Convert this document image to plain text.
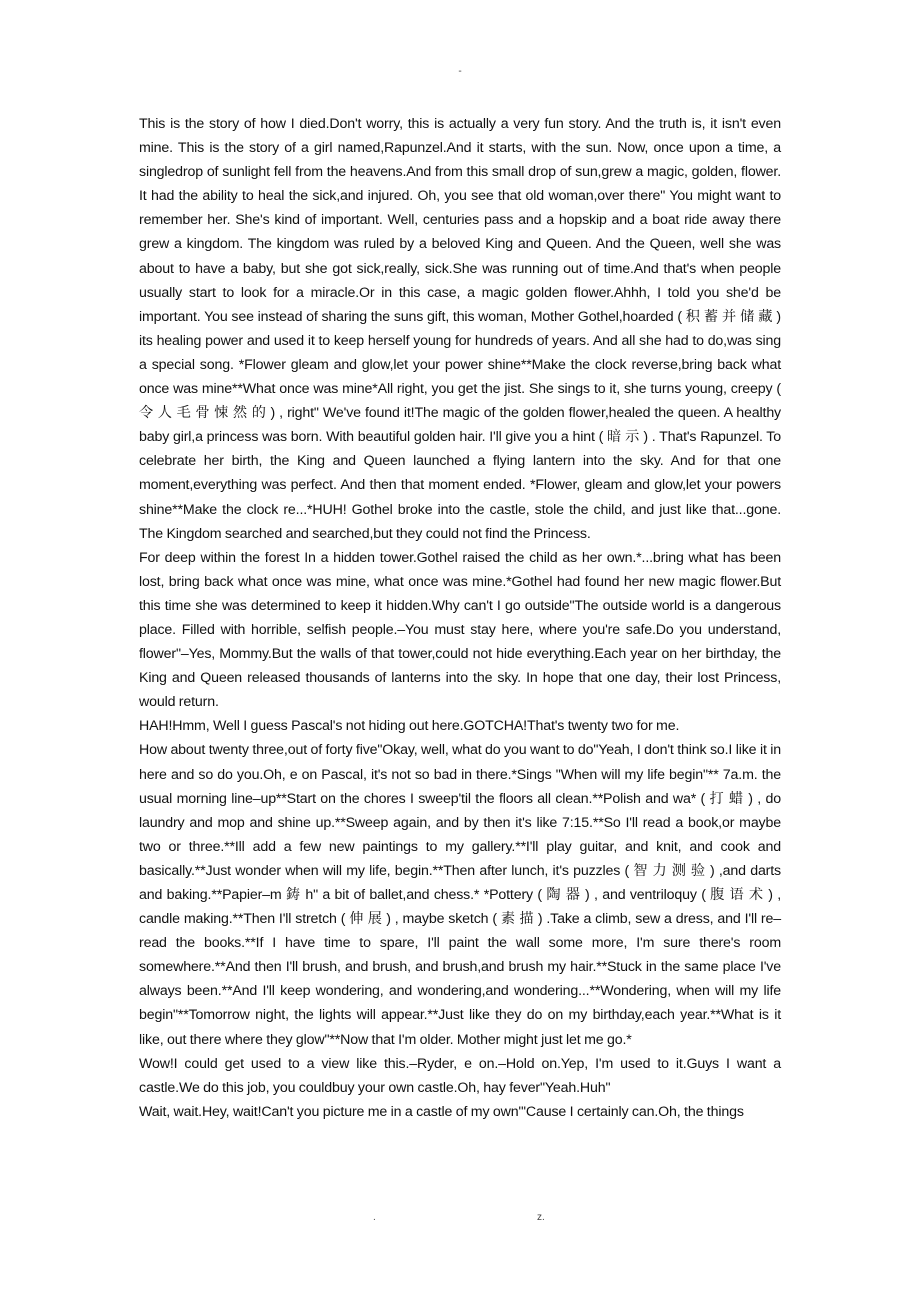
-

This is the story of how I died.Don't worry, this is actually a very fun story. And the truth is, it isn't even mine. This is the story of a girl named,Rapunzel.And it starts, with the sun. Now, once upon a time, a singledrop of sunlight fell from the heavens.And from this small drop of sun,grew a magic, golden, flower. It had the ability to heal the sick,and injured. Oh, you see that old woman,over there" You might want to remember her. She's kind of important. Well, centuries pass and a hopskip and a boat ride away there grew a kingdom. The kingdom was ruled by a beloved King and Queen. And the Queen, well she was about to have a baby, but she got sick,really, sick.She was running out of time.And that's when people usually start to look for a miracle.Or in this case, a magic golden flower.Ahhh, I told you she'd be important. You see instead of sharing the suns gift, this woman, Mother Gothel,hoarded ( 积 蓄 并 储 藏 ) its healing power and used it to keep herself young for hundreds of years. And all she had to do,was sing a special song. *Flower gleam and glow,let your power shine**Make the clock reverse,bring back what once was mine**What once was mine*All right, you get the jist. She sings to it, she turns young, creepy ( 令 人 毛 骨 悚 然 的 ) , right" We've found it!The magic of the golden flower,healed the queen. A healthy baby girl,a princess was born. With beautiful golden hair. I'll give you a hint ( 暗 示 ) . That's Rapunzel. To celebrate her birth, the King and Queen launched a flying lantern into the sky. And for that one moment,everything was perfect. And then that moment ended. *Flower, gleam and glow,let your powers shine**Make the clock re...*HUH! Gothel broke into the castle, stole the child, and just like that...gone. The Kingdom searched and searched,but they could not find the Princess.

For deep within the forest In a hidden tower.Gothel raised the child as her own.*...bring what has been lost, bring back what once was mine, what once was mine.*Gothel had found her new magic flower.But this time she was determined to keep it hidden.Why can't I go outside"The outside world is a dangerous place. Filled with horrible, selfish people.–You must stay here, where you're safe.Do you understand, flower"–Yes, Mommy.But the walls of that tower,could not hide everything.Each year on her birthday, the King and Queen released thousands of lanterns into the sky. In hope that one day, their lost Princess, would return.

HAH!Hmm, Well I guess Pascal's not hiding out here.GOTCHA!That's twenty two for me.

How about twenty three,out of forty five"Okay, well, what do you want to do"Yeah, I don't think so.I like it in here and so do you.Oh, e on Pascal, it's not so bad in there.*Sings "When will my life begin"** 7a.m. the usual morning line–up**Start on the chores I sweep'til the floors all clean.**Polish and wa* ( 打 蜡 ) , do laundry and mop and shine up.**Sweep again, and by then it's like 7:15.**So I'll read a book,or maybe two or three.**Ill add a few new paintings to my gallery.**I'll play guitar, and knit, and cook and basically.**Just wonder when will my life, begin.**Then after lunch, it's puzzles ( 智 力 测 验 ) ,and darts and baking.**Papier–m 鋳 h" a bit of ballet,and chess.* *Pottery ( 陶 器 ) , and ventriloquy ( 腹 语 术 ) , candle making.**Then I'll stretch ( 伸 展 ) , maybe sketch ( 素 描 ) .Take a climb, sew a dress, and I'll re–read the books.**If I have time to spare, I'll paint the wall some more, I'm sure there's room somewhere.**And then I'll brush, and brush, and brush,and brush my hair.**Stuck in the same place I've always been.**And I'll keep wondering, and wondering,and wondering...**Wondering, when will my life begin"**Tomorrow night, the lights will appear.**Just like they do on my birthday,each year.**What is it like, out there where they glow"**Now that I'm older. Mother might just let me go.*

Wow!I could get used to a view like this.–Ryder, e on.–Hold on.Yep, I'm used to it.Guys I want a castle.We do this job, you couldbuy your own castle.Oh, hay fever"Yeah.Huh"

Wait, wait.Hey, wait!Can't you picture me in a castle of my own"'Cause I certainly can.Oh, the things

.	z.
